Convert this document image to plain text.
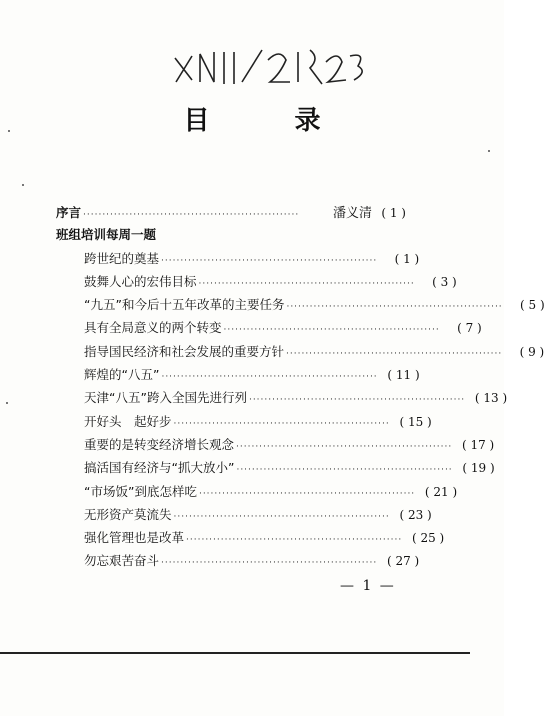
目 录
序言 ························································	潘义清 ( 1 )
班组培训每周一题
跨世纪的奠基 ························································	( 1 )
鼓舞人心的宏伟目标 ························································	( 3 )
“九五”和今后十五年改革的主要任务 ························································	( 5 )
具有全局意义的两个转变 ························································	( 7 )
指导国民经济和社会发展的重要方针 ························································	( 9 )
辉煌的“八五” ························································ ( 11 )
天津“八五”跨入全国先进行列 ························································ ( 13 )
开好头　起好步 ························································ ( 15 )
重要的是转变经济增长观念 ························································ ( 17 )
搞活国有经济与“抓大放小” ························································ ( 19 )
“市场饭”到底怎样吃 ························································ ( 21 )
无形资产莫流失 ························································ ( 23 )
强化管理也是改革 ························································ ( 25 )
勿忘艰苦奋斗 ························································ ( 27 )
— 1 —
